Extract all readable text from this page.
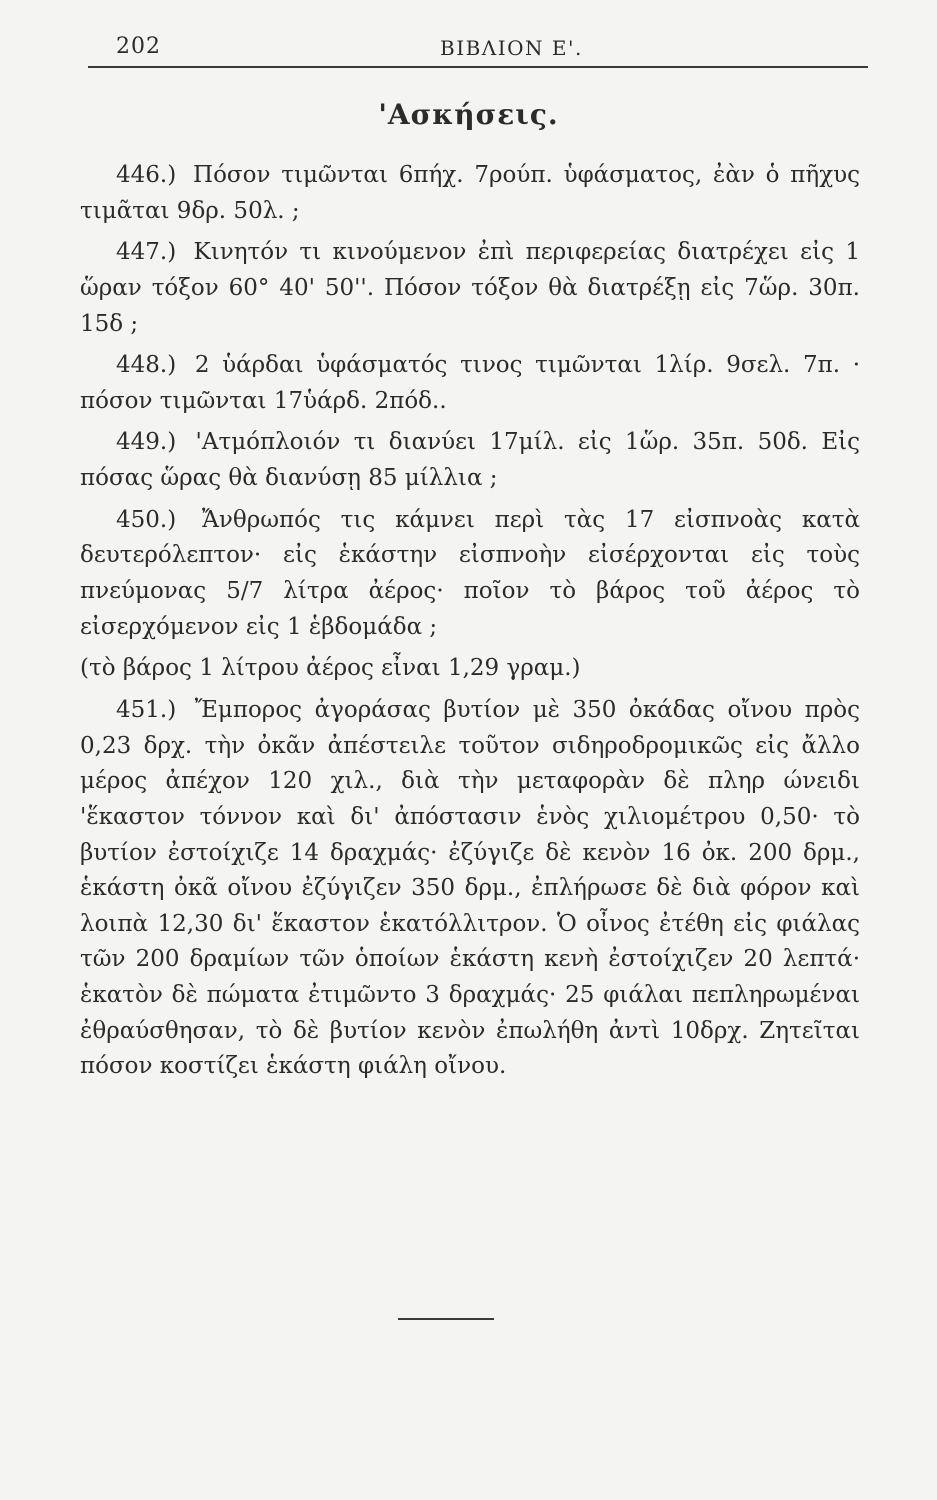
202	ΒΙΒΛΙΟΝ Ε'.
'Ασκήσεις.

446.) Πόσον τιμῶνται 6πήχ. 7ρούπ. ὑφάσματος, ἐὰν ὁ πῆχυς τιμᾶται 9δρ. 50λ. ;

447.) Κινητόν τι κινούμενον ἐπὶ περιφερείας διατρέχει εἰς 1 ὥραν τόξον 60° 40' 50''. Πόσον τόξον θὰ διατρέξῃ εἰς 7ὥρ. 30π. 15δ ;

448.) 2 ὑάρδαι ὑφάσματός τινος τιμῶνται 1λίρ. 9σελ. 7π. · πόσον τιμῶνται 17ὑάρδ. 2πόδ..

449.) 'Ατμόπλοιόν τι διανύει 17μίλ. εἰς 1ὥρ. 35π. 50δ. Εἰς πόσας ὥρας θὰ διανύσῃ 85 μίλλια ;

450.) Ἄνθρωπός τις κάμνει περὶ τὰς 17 εἰσπνοὰς κατὰ δευτερόλεπτον· εἰς ἑκάστην εἰσπνοὴν εἰσέρχονται εἰς τοὺς πνεύμονας 5/7 λίτρα ἀέρος· ποῖον τὸ βάρος τοῦ ἀέρος τὸ εἰσερχόμενον εἰς 1 ἑβδομάδα ;

(τὸ βάρος 1 λίτρου ἀέρος εἶναι 1,29 γραμ.)

451.) Ἔμπορος ἀγοράσας βυτίον μὲ 350 ὀκάδας οἴνου πρὸς 0,23 δρχ. τὴν ὀκᾶν ἀπέστειλε τοῦτον σιδηροδρομικῶς εἰς ἄλλο μέρος ἀπέχον 120 χιλ., διὰ τὴν μεταφορὰν δὲ πληρ ώνειδι 'ἕκαστον τόννον καὶ δι' ἀπόστασιν ἑνὸς χιλιομέτρου 0,50· τὸ βυτίον ἐστοίχιζε 14 δραχμάς· ἐζύγιζε δὲ κενὸν 16 ὀκ. 200 δρμ., ἑκάστη ὀκᾶ οἴνου ἐζύγιζεν 350 δρμ., ἐπλήρωσε δὲ διὰ φόρον καὶ λοιπὰ 12,30 δι' ἕκαστον ἑκατόλλιτρον. Ὁ οἶνος ἐτέθη εἰς φιάλας τῶν 200 δραμίων τῶν ὁποίων ἑκάστη κενὴ ἐστοίχιζεν 20 λεπτά· ἑκατὸν δὲ πώματα ἐτιμῶντο 3 δραχμάς· 25 φιάλαι πεπληρωμέναι ἐθραύσθησαν, τὸ δὲ βυτίον κενὸν ἐπωλήθη ἀντὶ 10δρχ. Ζητεῖται πόσον κοστίζει ἑκάστη φιάλη οἴνου.
